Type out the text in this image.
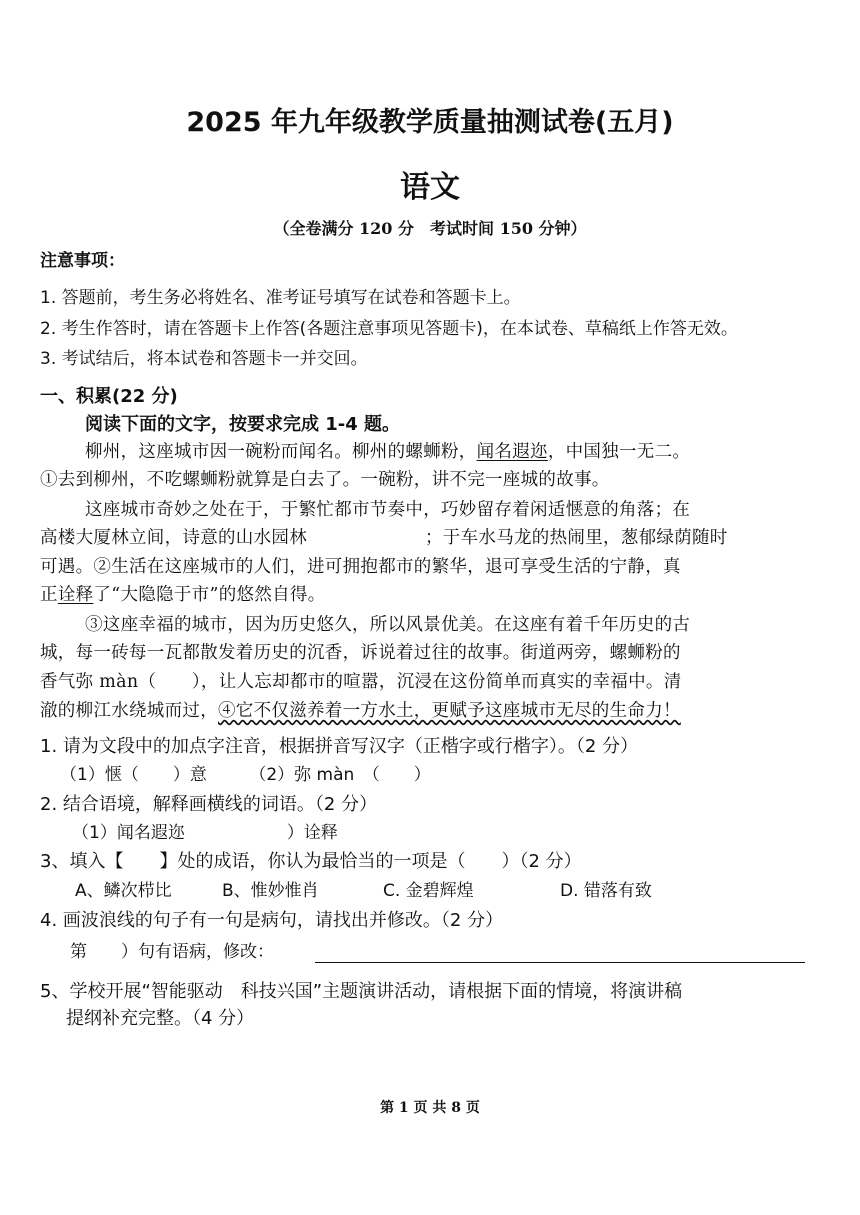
2025 年九年级教学质量抽测试卷(五月)
语文
（全卷满分 120 分　考试时间 150 分钟）
注意事项：
1. 答题前，考生务必将姓名、准考证号填写在试卷和答题卡上。
2. 考生作答时，请在答题卡上作答(各题注意事项见答题卡)，在本试卷、草稿纸上作答无效。
3. 考试结后，将本试卷和答题卡一并交回。
一、积累(22 分)
阅读下面的文字，按要求完成 1-4 题。
柳州，这座城市因一碗粉而闻名。柳州的螺蛳粉，闻名遐迩，中国独一无二。
①去到柳州，不吃螺蛳粉就算是白去了。一碗粉，讲不完一座城的故事。
这座城市奇妙之处在于，于繁忙都市节奏中，巧妙留存着闲适惬意的角落；在
高楼大厦林立间，诗意的山水园林	；于车水马龙的热闹里，葱郁绿荫随时
可遇。②生活在这座城市的人们，进可拥抱都市的繁华，退可享受生活的宁静，真
正诠释了“大隐隐于市”的悠然自得。
③这座幸福的城市，因为历史悠久，所以风景优美。在这座有着千年历史的古
城，每一砖每一瓦都散发着历史的沉香，诉说着过往的故事。街道两旁，螺蛳粉的
香气弥 màn（　　），让人忘却都市的喧嚣，沉浸在这份简单而真实的幸福中。清
澈的柳江水绕城而过，④它不仅滋养着一方水土，更赋予这座城市无尽的生命力！
1. 请为文段中的加点字注音，根据拼音写汉字（正楷字或行楷字）。（2 分）
（1）惬（　　）意　　　（2）弥 màn　（　　）
2. 结合语境，解释画横线的词语。（2 分）
（1）闻名遐迩　　　　　　）诠释
3、填入【　　】处的成语，你认为最恰当的一项是（　　）（2 分）
A、鳞次栉比	B、惟妙惟肖	C. 金碧辉煌	D. 错落有致
4. 画波浪线的句子有一句是病句，请找出并修改。（2 分）
第　　）句有语病，修改：
5、学校开展“智能驱动　科技兴国”主题演讲活动，请根据下面的情境，将演讲稿
提纲补充完整。（4 分）
第 1 页 共 8 页
